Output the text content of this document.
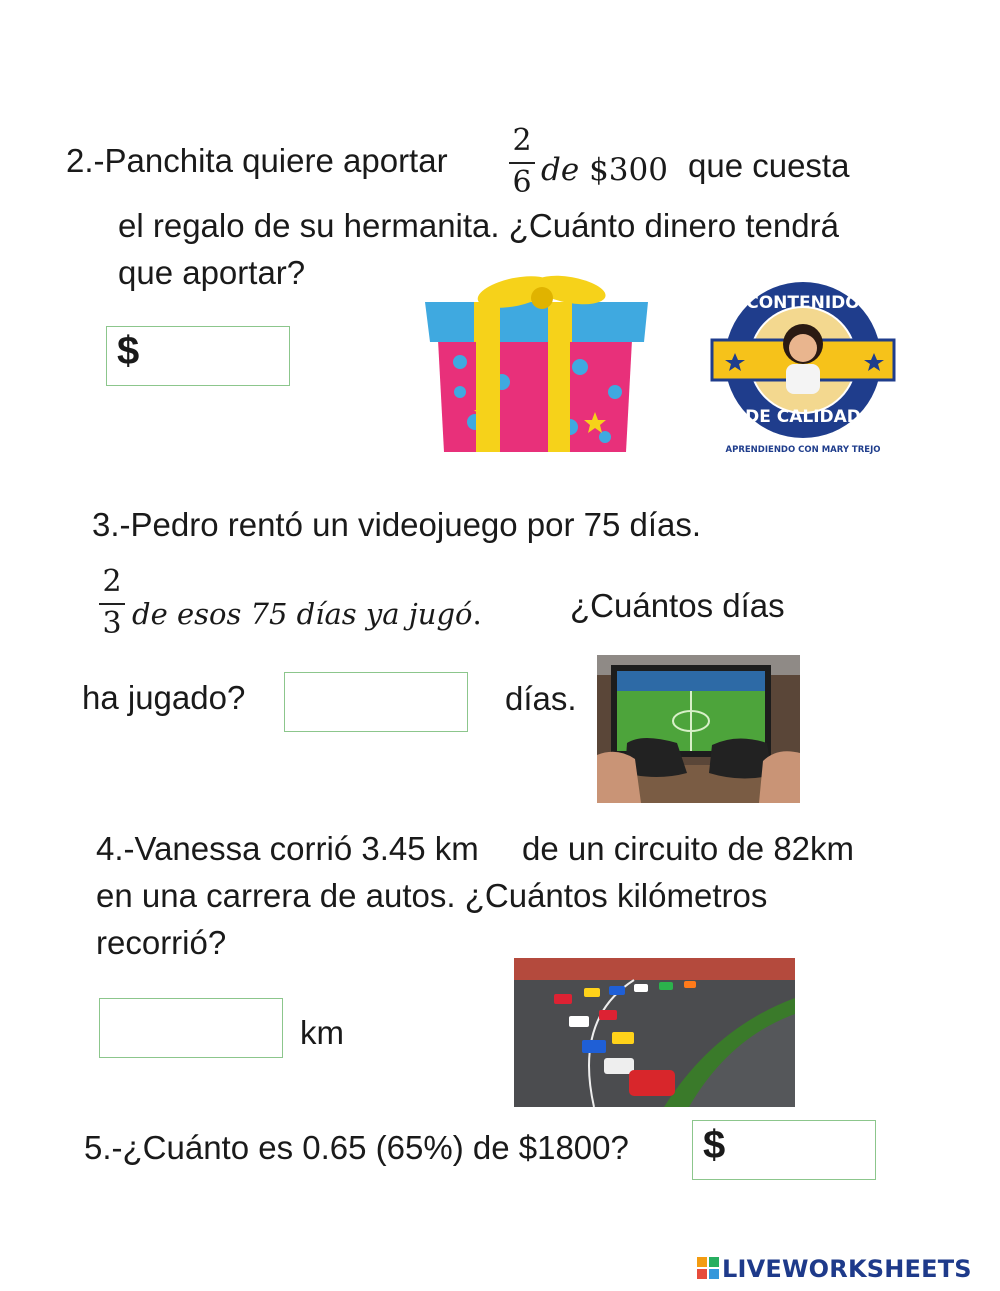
2.-Panchita quiere aportar
2
6 de $300 que cuesta
el regalo de su hermanita. ¿Cuánto dinero tendrá
que aportar?
$
CONTENIDO
DE CALIDAD
APRENDIENDO CON MARY TREJO
3.-Pedro rentó un videojuego por 75 días.
2
3 de esos 75 días ya jugó.	¿Cuántos días
ha jugado?	días.
4.-Vanessa corrió 3.45 km de un circuito de 82km
en una carrera de autos. ¿Cuántos kilómetros
recorrió?
km
5.-¿Cuánto es 0.65 (65%) de $1800? $
LIVEWORKSHEETS
